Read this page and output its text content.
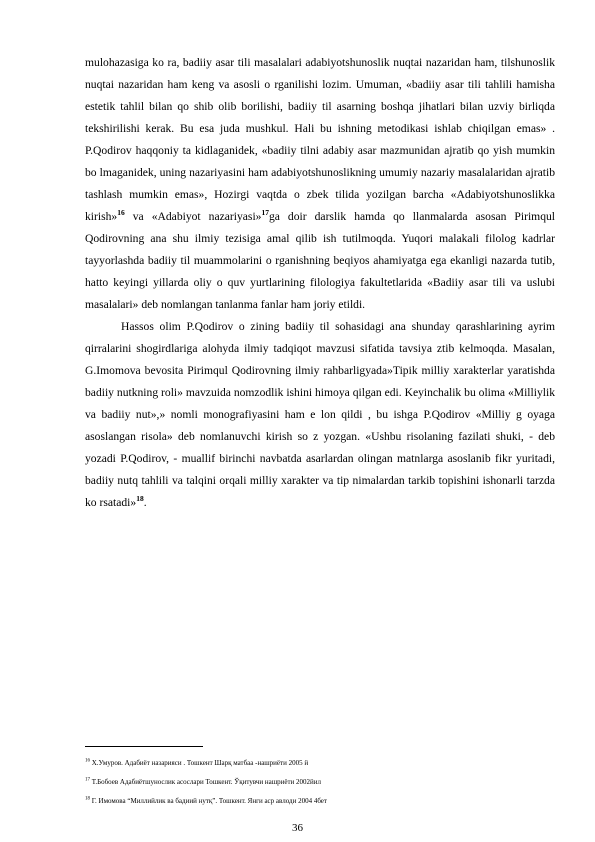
mulohazasiga ko ra, badiiy asar tili masalalari adabiyotshunoslik nuqtai nazaridan ham, tilshunoslik nuqtai nazaridan ham keng va asosli o rganilishi lozim. Umuman, «badiiy asar tili tahlili hamisha estetik tahlil bilan qo shib olib borilishi, badiiy til asarning boshqa jihatlari bilan uzviy birliqda tekshirilishi kerak. Bu esa juda mushkul. Hali bu ishning metodikasi ishlab chiqilgan emas» . P.Qodirov haqqoniy ta kidlaganidek, «badiiy tilni adabiy asar mazmunidan ajratib qo yish mumkin bo lmaganidek, uning nazariyasini ham adabiyotshunoslikning umumiy nazariy masalalaridan ajratib tashlash mumkin emas», Hozirgi vaqtda o zbek tilida yozilgan barcha «Adabiyotshunoslikka kirish»$^{16}$ va «Adabiyot nazariyasi»$^{17}$ga doir darslik hamda qo llanmalarda asosan Pirimqul Qodirovning ana shu ilmiy tezisiga amal qilib ish tutilmoqda. Yuqori malakali filolog kadrlar tayyorlashda badiiy til muammolarini o rganishning beqiyos ahamiyatga ega ekanligi nazarda tutib, hatto keyingi yillarda oliy o quv yurtlarining filologiya fakultetlarida «Badiiy asar tili va uslubi masalalari» deb nomlangan tanlanma fanlar ham joriy etildi.

Hassos olim P.Qodirov o zining badiiy til sohasidagi ana shunday qarashlarining ayrim qirralarini shogirdlariga alohyda ilmiy tadqiqot mavzusi sifatida tavsiya ztib kelmoqda. Masalan, G.Imomova bevosita Pirimqul Qodirovning ilmiy rahbarligyada»Tipik milliy xarakterlar yaratishda badiiy nutkning roli» mavzuida nomzodlik ishini himoya qilgan edi. Keyinchalik bu olima «Milliylik va badiiy nut»,» nomli monografiyasini ham e lon qildi , bu ishga P.Qodirov «Milliy g oyaga asoslangan risola» deb nomlanuvchi kirish so z yozgan. «Ushbu risolaning fazilati shuki, - deb yozadi P.Qodirov, - muallif birinchi navbatda asarlardan olingan matnlarga asoslanib fikr yuritadi, badiiy nutq tahlili va talqini orqali milliy xarakter va tip nimalardan tarkib topishini ishonarli tarzda ko rsatadi»$^{18}$.

$^{16}$ Х.Умуров. Адабиёт назарияси . Тошкент Шарқ матбаа -нашриёти 2005 й
$^{17}$ Т.Бобоев Адабиётшунослик асослари Тошкент. Ўқитувчи нашриёти 2002йил
$^{18}$ Г. Имомова “Миллийлик ва бадиий нутқ”. Тошкент. Янги аср авлоди 2004 4бет
36
